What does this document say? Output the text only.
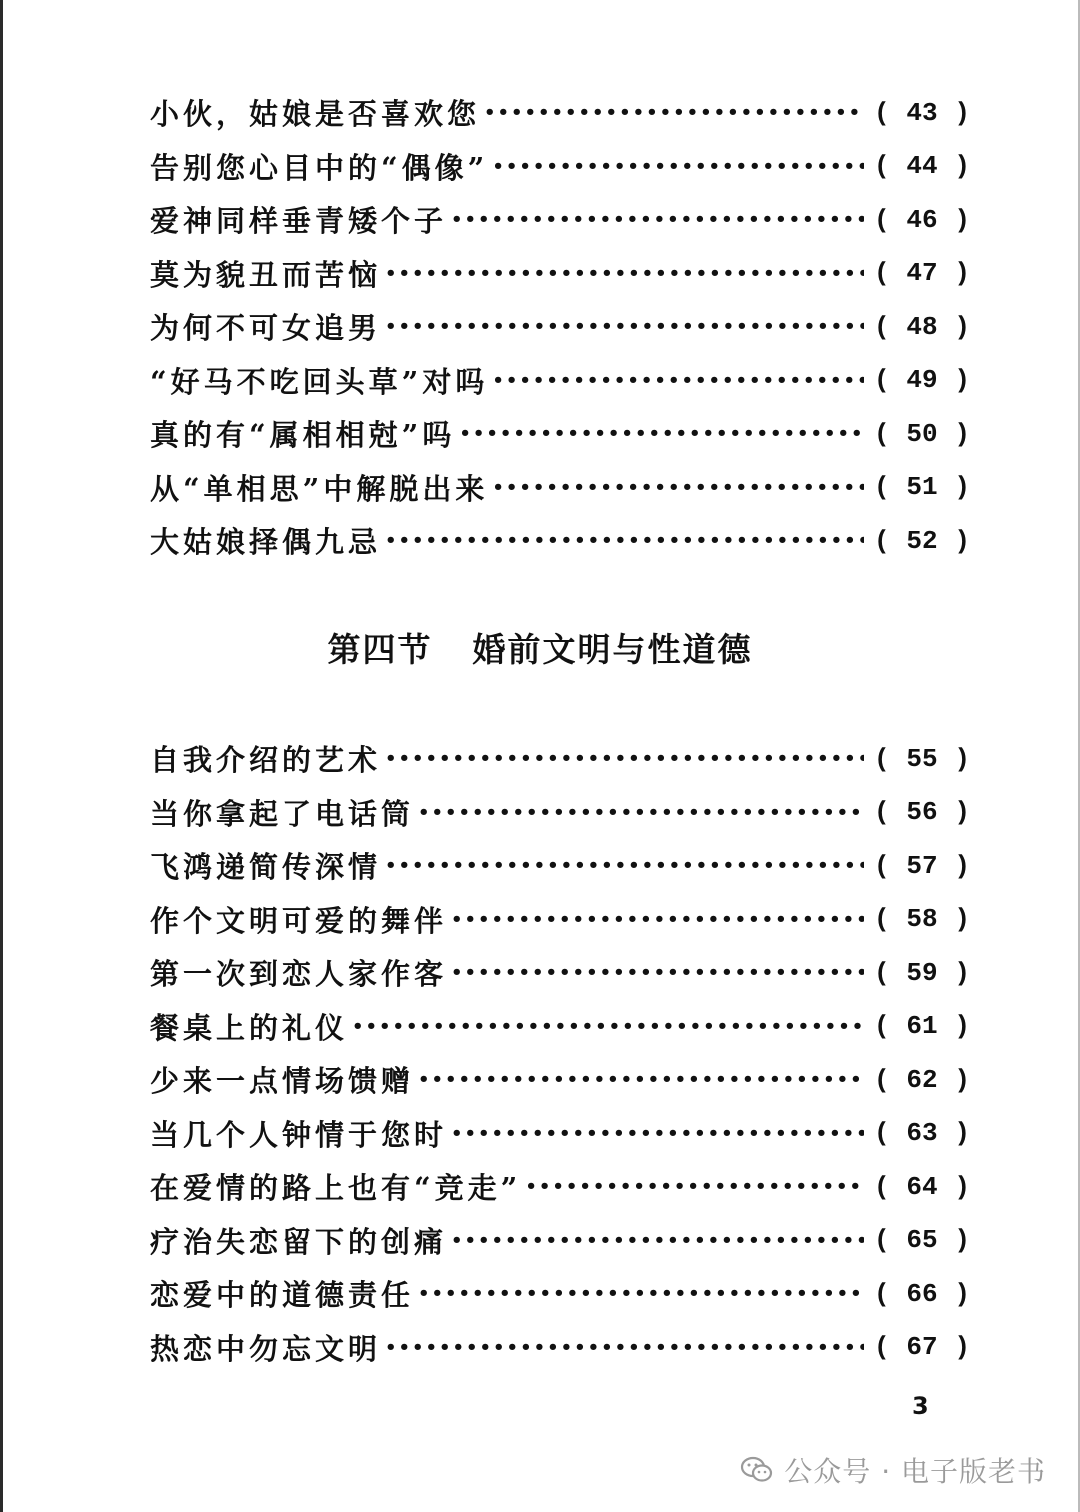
小伙，姑娘是否喜欢您 •••••	( 43 )
告别您心目中的“偶像” •••••	( 44 )
爱神同样垂青矮个子 •••••	( 46 )
莫为貌丑而苦恼 •••••	( 47 )
为何不可女追男 •••••	( 48 )
“好马不吃回头草”对吗 •••••	( 49 )
真的有“属相相尅”吗 •••••	( 50 )
从“单相思”中解脱出来 •••••	( 51 )
大姑娘择偶九忌 •••••	( 52 )
第四节 婚前文明与性道德
自我介绍的艺术 •••••	( 55 )
当你拿起了电话筒 •••••	( 56 )
飞鸿递简传深情 •••••	( 57 )
作个文明可爱的舞伴 •••••	( 58 )
第一次到恋人家作客 •••••	( 59 )
餐桌上的礼仪 •••••	( 61 )
少来一点情场馈赠 •••••	( 62 )
当几个人钟情于您时 •••••	( 63 )
在爱情的路上也有“竞走” •••••	( 64 )
疗治失恋留下的创痛 •••••	( 65 )
恋爱中的道德责任 •••••	( 66 )
热恋中勿忘文明 •••••	( 67 )
3
公众号 · 电子版老书
